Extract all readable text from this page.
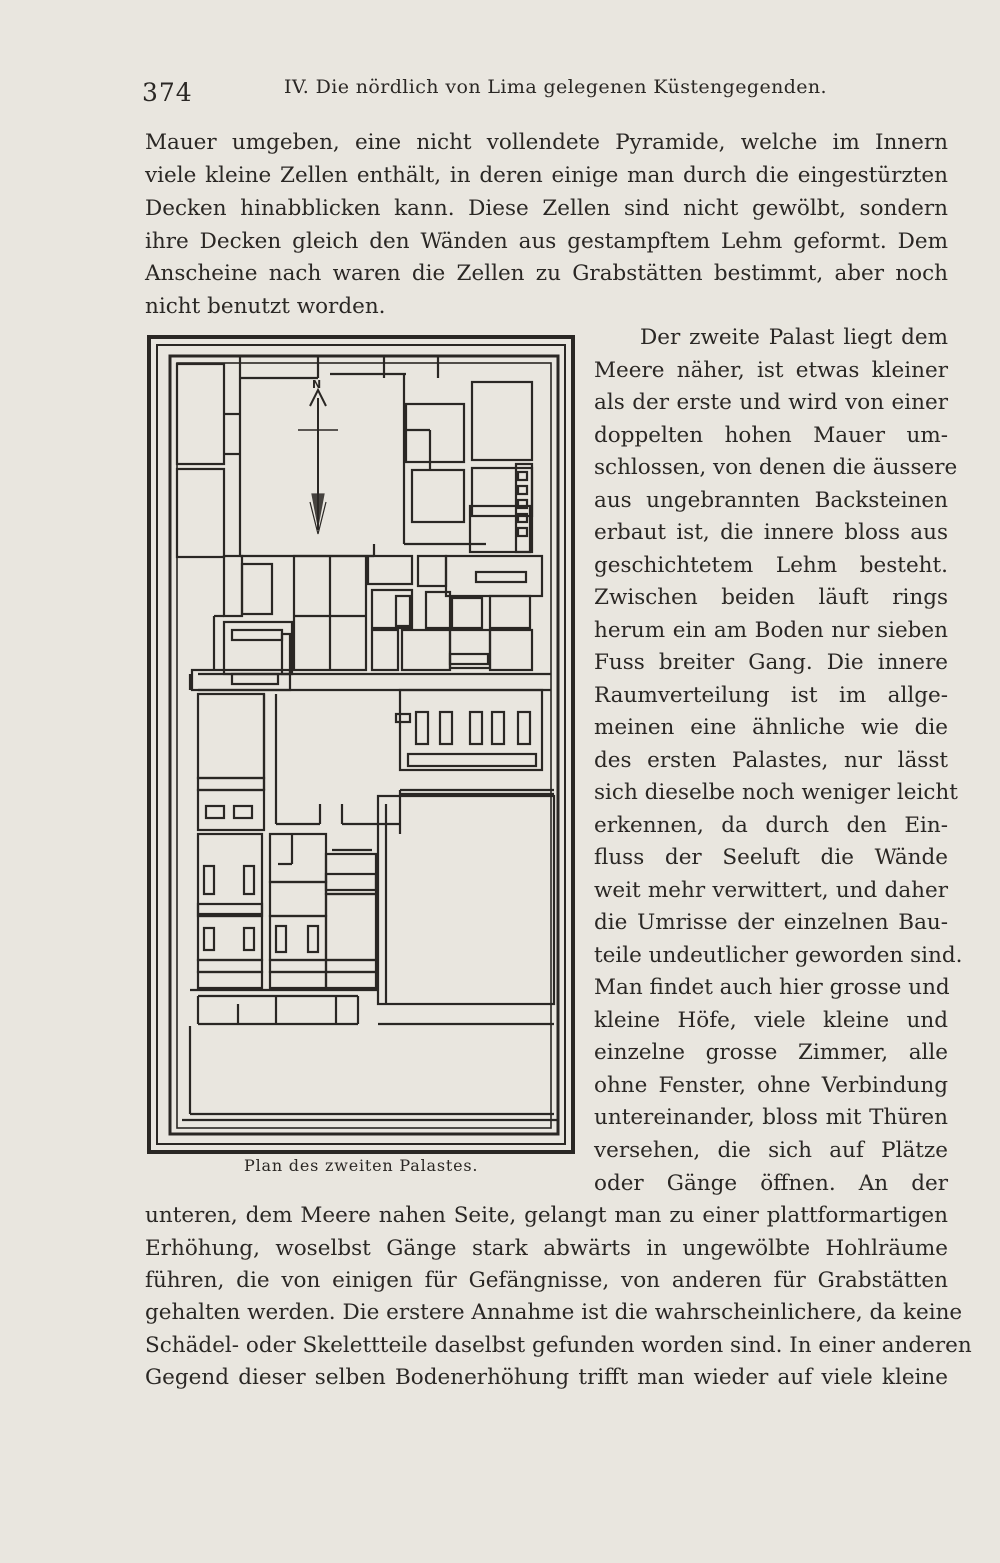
374	IV. Die nördlich von Lima gelegenen Küstengegenden.
Mauer umgeben, eine nicht vollendete Pyramide, welche im Innern
viele kleine Zellen enthält, in deren einige man durch die eingestürzten
Decken hinabblicken kann. Diese Zellen sind nicht gewölbt, sondern
ihre Decken gleich den Wänden aus gestampftem Lehm geformt. Dem
Anscheine nach waren die Zellen zu Grabstätten bestimmt, aber noch
nicht benutzt worden.
Der zweite Palast liegt dem
Meere näher, ist etwas kleiner
als der erste und wird von einer
doppelten hohen Mauer um-
schlossen, von denen die äussere
aus ungebrannten Backsteinen
erbaut ist, die innere bloss aus
geschichtetem Lehm besteht.
Zwischen beiden läuft rings
herum ein am Boden nur sieben
Fuss breiter Gang. Die innere
Raumverteilung ist im allge-
meinen eine ähnliche wie die
des ersten Palastes, nur lässt
sich dieselbe noch weniger leicht
erkennen, da durch den Ein-
fluss der Seeluft die Wände
weit mehr verwittert, und daher
die Umrisse der einzelnen Bau-
teile undeutlicher geworden sind.
Man findet auch hier grosse und
kleine Höfe, viele kleine und
einzelne grosse Zimmer, alle
ohne Fenster, ohne Verbindung
untereinander, bloss mit Thüren
versehen, die sich auf Plätze
oder Gänge öffnen. An der
unteren, dem Meere nahen Seite, gelangt man zu einer plattformartigen
Erhöhung, woselbst Gänge stark abwärts in ungewölbte Hohlräume
führen, die von einigen für Gefängnisse, von anderen für Grabstätten
gehalten werden. Die erstere Annahme ist die wahrscheinlichere, da keine
Schädel- oder Skelettteile daselbst gefunden worden sind. In einer anderen
Gegend dieser selben Bodenerhöhung trifft man wieder auf viele kleine
N
Plan des zweiten Palastes.
